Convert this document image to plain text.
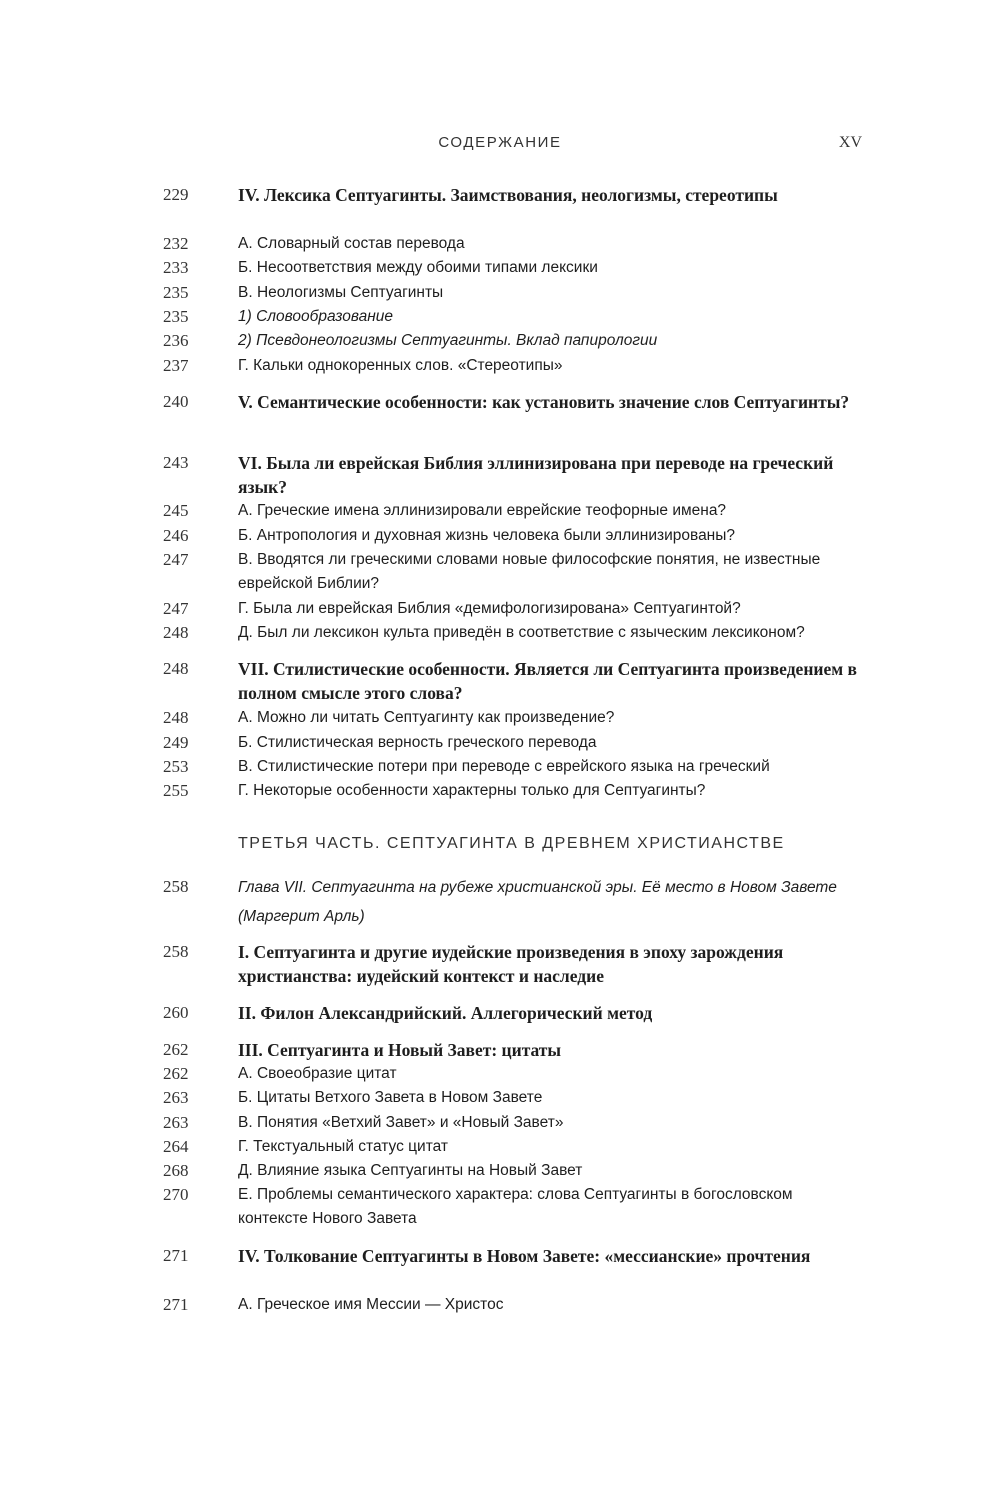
СОДЕРЖАНИЕ	XV
229	IV. Лексика Септуагинты. Заимствования, неологизмы, стереотипы
232	А. Словарный состав перевода
233	Б. Несоответствия между обоими типами лексики
235	В. Неологизмы Септуагинты
235	1) Словообразование
236	2) Псевдонеологизмы Септуагинты. Вклад папирологии
237	Г. Кальки однокоренных слов. «Стереотипы»
240	V. Семантические особенности: как установить значение слов Септуагинты?
243	VI. Была ли еврейская Библия эллинизирована при переводе на греческий язык?
245	А. Греческие имена эллинизировали еврейские теофорные имена?
246	Б. Антропология и духовная жизнь человека были эллинизированы?
247	В. Вводятся ли греческими словами новые философские понятия, не известные еврейской Библии?
247	Г. Была ли еврейская Библия «демифологизирована» Септуагинтой?
248	Д. Был ли лексикон культа приведён в соответствие с языческим лексиконом?
248	VII. Стилистические особенности. Является ли Септуагинта произведением в полном смысле этого слова?
248	А. Можно ли читать Септуагинту как произведение?
249	Б. Стилистическая верность греческого перевода
253	В. Стилистические потери при переводе с еврейского языка на греческий
255	Г. Некоторые особенности характерны только для Септуагинты?
ТРЕТЬЯ ЧАСТЬ. СЕПТУАГИНТА В ДРЕВНЕМ ХРИСТИАНСТВЕ
258	Глава VII. Септуагинта на рубеже христианской эры. Её место в Новом Завете (Маргерит Арль)
258	I. Септуагинта и другие иудейские произведения в эпоху зарождения христианства: иудейский контекст и наследие
260	II. Филон Александрийский. Аллегорический метод
262	III. Септуагинта и Новый Завет: цитаты
262	А. Своеобразие цитат
263	Б. Цитаты Ветхого Завета в Новом Завете
263	В. Понятия «Ветхий Завет» и «Новый Завет»
264	Г. Текстуальный статус цитат
268	Д. Влияние языка Септуагинты на Новый Завет
270	Е. Проблемы семантического характера: слова Септуагинты в богословском контексте Нового Завета
271	IV. Толкование Септуагинты в Новом Завете: «мессианские» прочтения
271	А. Греческое имя Мессии — Христос
